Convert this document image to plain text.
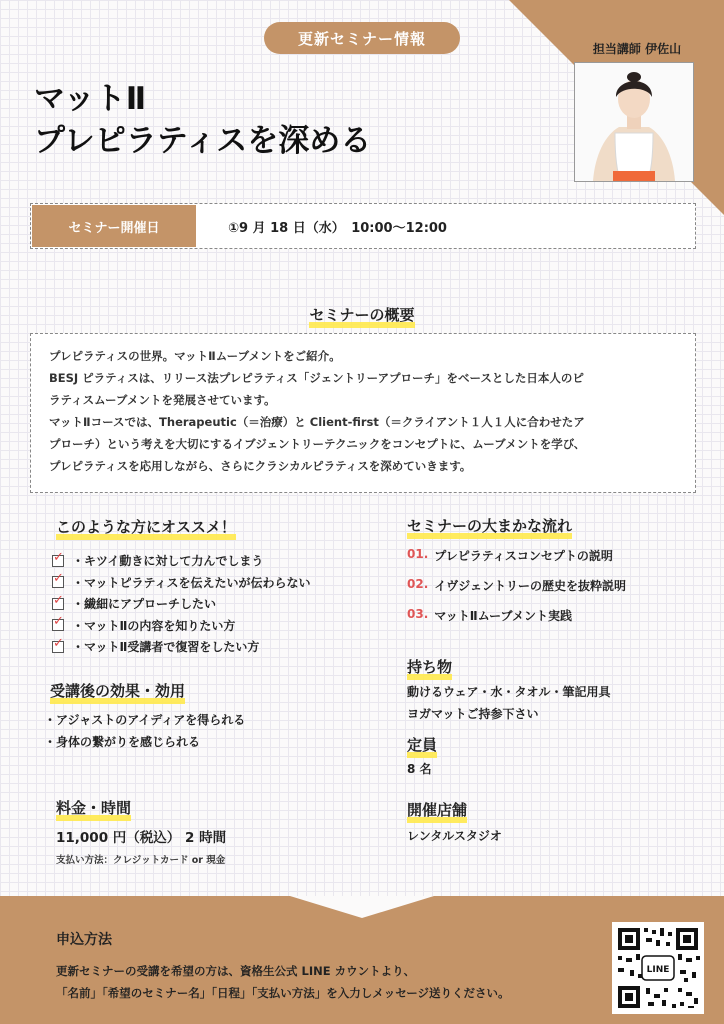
更新セミナー情報
マットⅡ
プレピラティスを深める
担当講師 伊佐山
セミナー開催日	①9 月 18 日（水）　10:00〜12:00
セミナーの概要

プレピラティスの世界。マットⅡムーブメントをご紹介。
BESJ ピラティスは、リリース法プレピラティス「ジェントリーアプローチ」をベースとした日本人のピ
ラティスムーブメントを発展させています。
マットⅡコースでは、Therapeutic（＝治療）と Client-first（＝クライアント１人１人に合わせたア
プローチ）という考えを大切にするイブジェントリーテクニックをコンセプトに、ムーブメントを学び、
プレピラティスを応用しながら、さらにクラシカルピラティスを深めていきます。

このような方にオススメ！
✓
・キツイ動きに対して力んでしまう
✓
・マットピラティスを伝えたいが伝わらない
✓
・繊細にアプローチしたい
✓
・マットⅡの内容を知りたい方
✓
・マットⅡ受講者で復習をしたい方
受講後の効果・効用
・アジャストのアイディアを得られる
・身体の繋がりを感じられる
料金・時間
11,000 円（税込） 2 時間
支払い方法：クレジットカード or 現金
セミナーの大まかな流れ
01. プレピラティスコンセプトの説明
02. イヴジェントリーの歴史を抜粋説明
03. マットⅡムーブメント実践
持ち物
動けるウェア・水・タオル・筆記用具
ヨガマットご持参下さい
定員
8 名
開催店舗
レンタルスタジオ
申込方法
更新セミナーの受講を希望の方は、資格生公式 LINE カウントより、
「名前」「希望のセミナー名」「日程」「支払い方法」を入力しメッセージ送りください。
LINE
